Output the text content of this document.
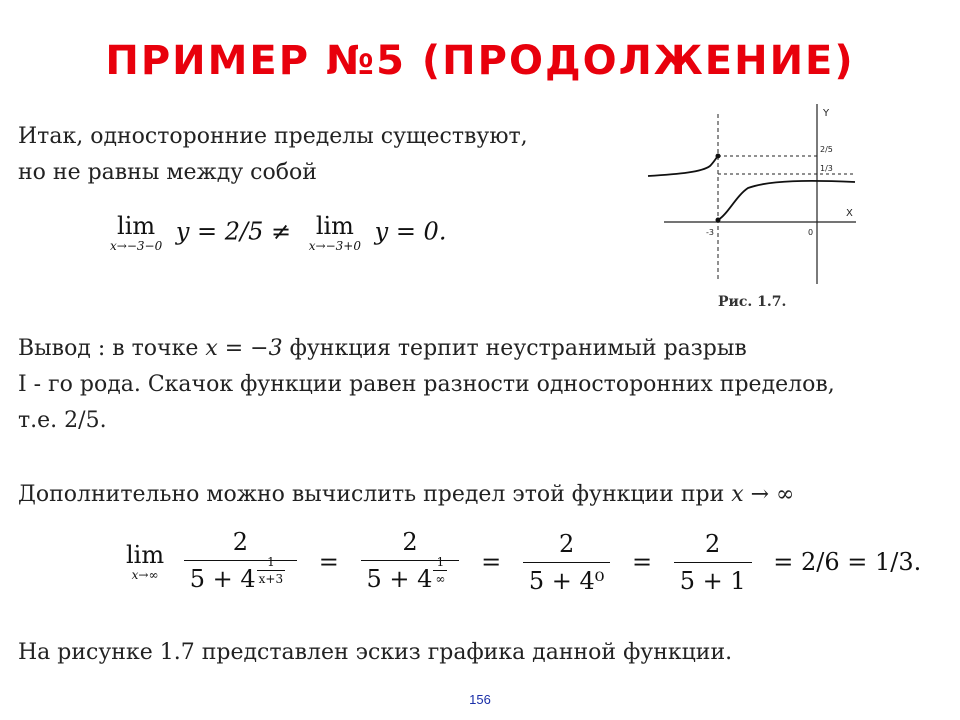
ПРИМЕР №5 (ПРОДОЛЖЕНИЕ)
Итак, односторонние пределы существуют,
но не равны между собой
lim
x→−3−0
y = 2/5 ≠ lim
x→−3+0
y = 0.
Y
X
2/5
1/3
-3	0
Рис. 1.7.
Вывод : в точке x = −3 функция терпит неустранимый разрыв
I - го рода. Скачок функции равен разности односторонних пределов,
т.е. 2/5.
Дополнительно можно вычислить предел этой функции при x → ∞
lim
x→∞
$\frac{2}{5 + 4 \frac{1}{x+3}} = \frac{2}{5 + 4 \frac{1}{\infty}} = \frac{2}{\text{5 + 4⁰}} = \frac{2}{5 + 1} = 2/6 = 1/3$.
На рисунке 1.7 представлен эскиз графика данной функции.
156
